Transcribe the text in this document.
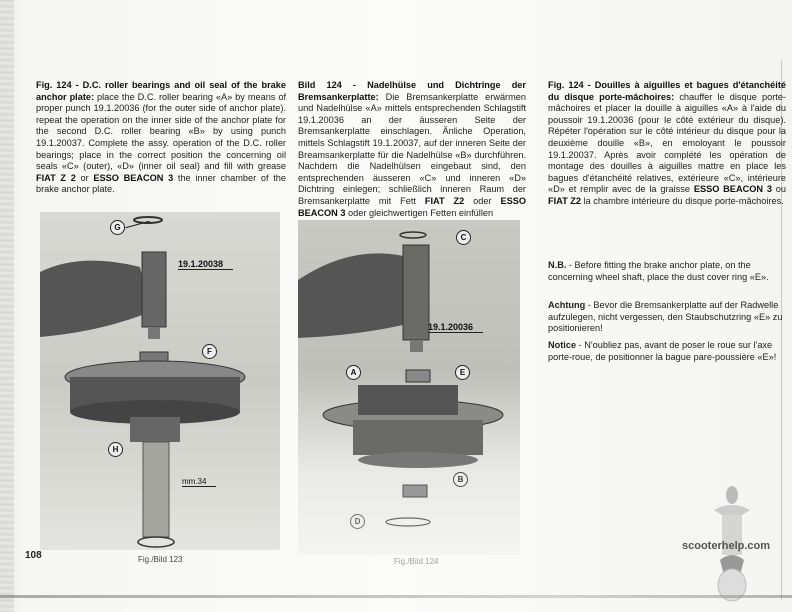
Fig. 124 - D.C. roller bearings and oil seal of the brake anchor plate: place the D.C. roller bearing «A» by means of proper punch 19.1.20036 (for the outer side of anchor plate). repeat the operation on the inner side of the anchor plate for the second D.C. roller bearing «B» by using punch 19.1.20037. Complete the assy. operation of the D.C. roller bearings; place in the correct position the concerning oil seals «C» (outer), «D» (inner oil seal) and fill with grease FIAT Z 2 or ESSO BEACON 3 the inner chamber of the brake anchor plate.
Bild 124 - Nadelhülse und Dichtringe der Bremsankerplatte: Die Bremsankerplatte erwärmen und Nadelhülse «A» mittels entsprechenden Schlagstift 19.1.20036 an der äusseren Seite der Bremsankerplatte einschlagen. Änliche Operation, mittels Schlagstift 19.1.20037, auf der inneren Seite der Breamsankerplatte für die Nadelhülse «B» durchführen. Nachdem die Nadelhülsen eingebaut sind, den entsprechenden äusseren «C» und inneren «D» Dichtring einlegen; schließlich inneren Raum der Bremsankerplatte mit Fett FIAT Z2 oder ESSO BEACON 3 oder gleichwertigen Fetten einfüllen
Fig. 124 - Douilles à aiguilles et bagues d'étanchéité du disque porte-mâchoires: chauffer le disque porte-mâchoires et placer la douille à aiguilles «A» à l'aide du poussoir 19.1.20036 (pour le côté extérieur du disque). Répéter l'opération sur le côté intérieur du disque pour la deuxième douille «B», en emoloyant le poussoir 19.1.20037. Après avoir complété les opération de montage des douilles à aiguilles mattre en place les bagues d'étanchéité relatives, extérieure «C», intérieure «D» et remplir avec de la graisse ESSO BEACON 3 ou FIAT Z2 la chambre intérieure du disque porte-mâchoires.
N.B. - Before fitting the brake anchor plate, on the concerning wheel shaft, place the dust cover ring «E».
Achtung - Bevor die Bremsankerplatte auf der Radwelle aufzulegen, nicht vergessen, den Staubschutzring «E» zu positionieren!
Notice - N'oubliez pas, avant de poser le roue sur l'axe porte-roue, de positionner la bague pare-poussière «E»!
G
19.1.20038
F
H
mm.34
Fig./Bild 123
C
19.1.20036
A	E
B
D
Fig./Bild 124
108
scooterhelp.com
